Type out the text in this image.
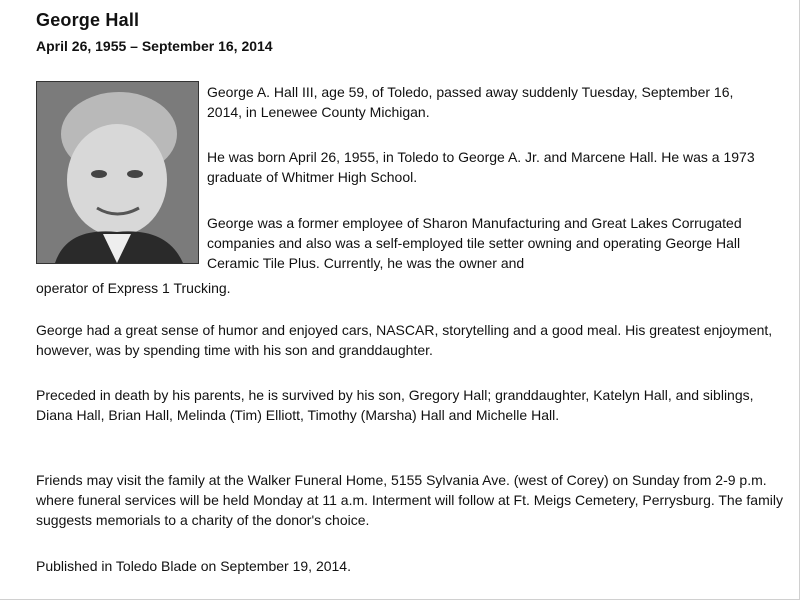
George Hall
April 26, 1955 – September 16, 2014

George A. Hall III, age 59, of Toledo, passed away suddenly Tuesday, September 16, 2014, in Lenewee County Michigan.

He was born April 26, 1955, in Toledo to George A. Jr. and Marcene Hall. He was a 1973 graduate of Whitmer High School.

George was a former employee of Sharon Manufacturing and Great Lakes Corrugated companies and also was a self-employed tile setter owning and operating George Hall Ceramic Tile Plus. Currently, he was the owner and

operator of Express 1 Trucking.

George had a great sense of humor and enjoyed cars, NASCAR, storytelling and a good meal. His greatest enjoyment, however, was by spending time with his son and granddaughter.

Preceded in death by his parents, he is survived by his son, Gregory Hall; granddaughter, Katelyn Hall, and siblings, Diana Hall, Brian Hall, Melinda (Tim) Elliott, Timothy (Marsha) Hall and Michelle Hall.

Friends may visit the family at the Walker Funeral Home, 5155 Sylvania Ave. (west of Corey) on Sunday from 2-9 p.m. where funeral services will be held Monday at 11 a.m. Interment will follow at Ft. Meigs Cemetery, Perrysburg. The family suggests memorials to a charity of the donor's choice.

Published in Toledo Blade on September 19, 2014.
